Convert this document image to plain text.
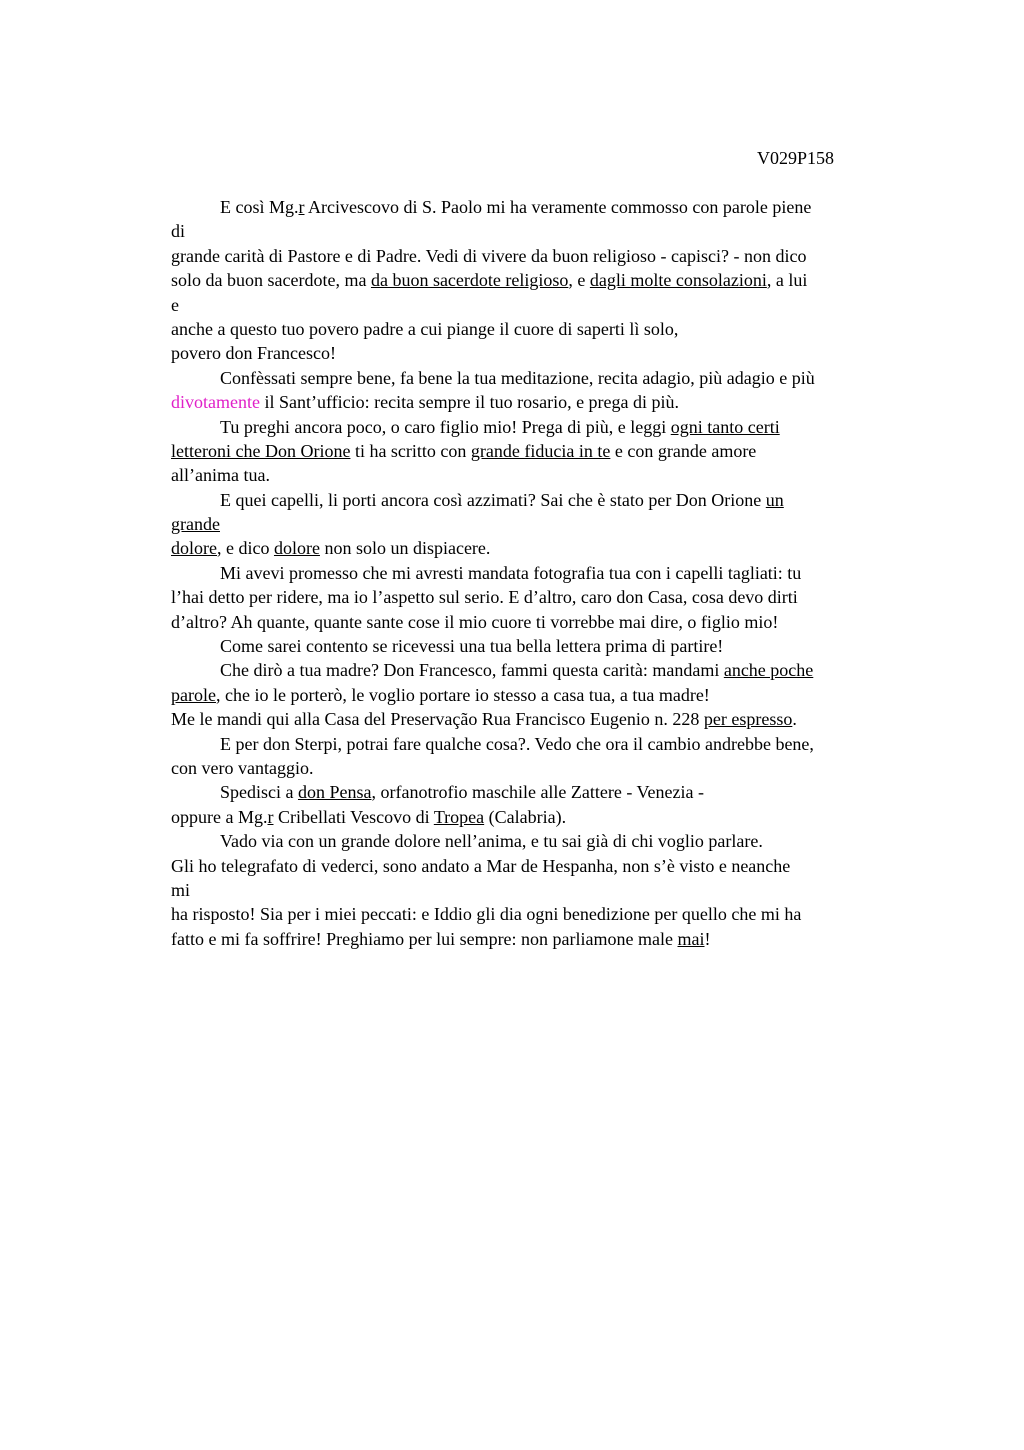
V029P158
E così Mg.r Arcivescovo di S. Paolo mi ha veramente commosso con parole piene
di
grande carità di Pastore e di Padre. Vedi di vivere da buon religioso - capisci? - non dico
solo da buon sacerdote, ma da buon sacerdote religioso, e dagli molte consolazioni, a lui
e
anche a questo tuo povero padre a cui piange il cuore di saperti lì solo,
povero don Francesco!
Confèssati sempre bene, fa bene la tua meditazione, recita adagio, più adagio e più
divotamente il Sant’ufficio: recita sempre il tuo rosario, e prega di più.
Tu preghi ancora poco, o caro figlio mio! Prega di più, e leggi ogni tanto certi
letteroni che Don Orione ti ha scritto con grande fiducia in te e con grande amore
all’anima tua.
E quei capelli, li porti ancora così azzimati? Sai che è stato per Don Orione un
grande
dolore, e dico dolore non solo un dispiacere.
Mi avevi promesso che mi avresti mandata fotografia tua con i capelli tagliati: tu
l’hai detto per ridere, ma io l’aspetto sul serio. E d’altro, caro don Casa, cosa devo dirti
d’altro? Ah quante, quante sante cose il mio cuore ti vorrebbe mai dire, o figlio mio!
Come sarei contento se ricevessi una tua bella lettera prima di partire!
Che dirò a tua madre? Don Francesco, fammi questa carità: mandami anche poche
parole, che io le porterò, le voglio portare io stesso a casa tua, a tua madre!
Me le mandi qui alla Casa del Preservação Rua Francisco Eugenio n. 228 per espresso.
E per don Sterpi, potrai fare qualche cosa?. Vedo che ora il cambio andrebbe bene,
con vero vantaggio.
Spedisci a don Pensa, orfanotrofio maschile alle Zattere - Venezia -
oppure a Mg.r Cribellati Vescovo di Tropea (Calabria).
Vado via con un grande dolore nell’anima, e tu sai già di chi voglio parlare.
Gli ho telegrafato di vederci, sono andato a Mar de Hespanha, non s’è visto e neanche
mi
ha risposto! Sia per i miei peccati: e Iddio gli dia ogni benedizione per quello che mi ha
fatto e mi fa soffrire! Preghiamo per lui sempre: non parliamone male mai!
